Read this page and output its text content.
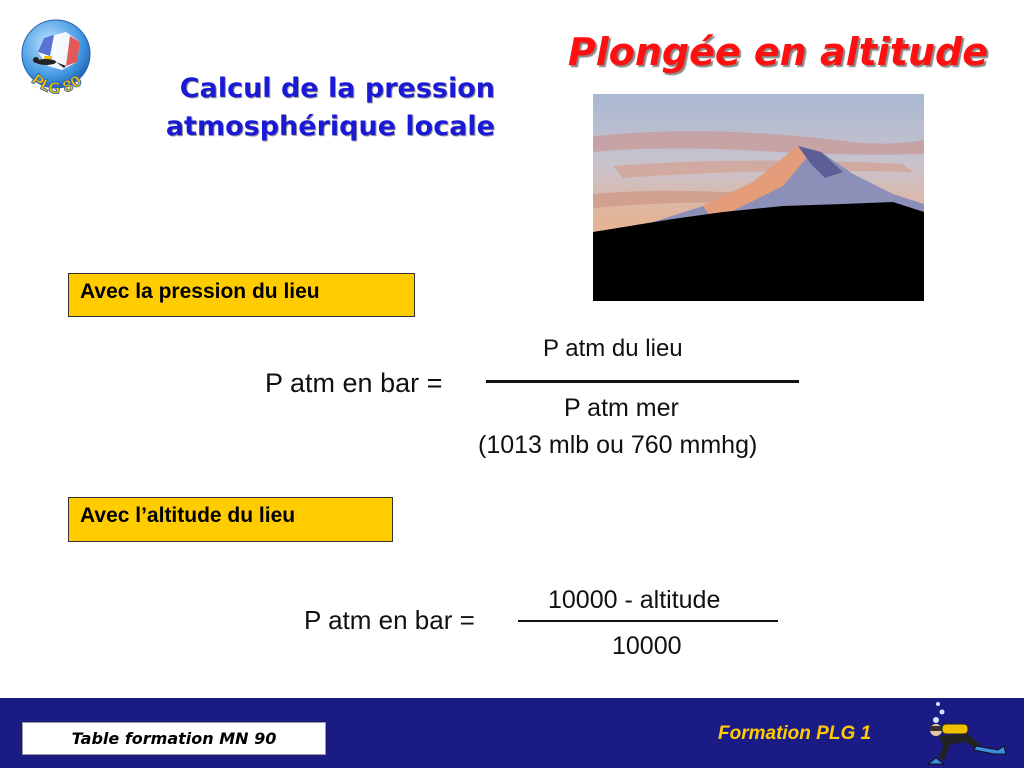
PLG 80
Plongée en altitude

Calcul de la pression
atmosphérique locale

Avec la pression du lieu
P atm en bar =
P atm du lieu
P atm mer
(1013 mlb ou 760 mmhg)
Avec l’altitude du lieu
P atm en bar =
10000 - altitude
10000
Table formation MN 90	Formation PLG 1
